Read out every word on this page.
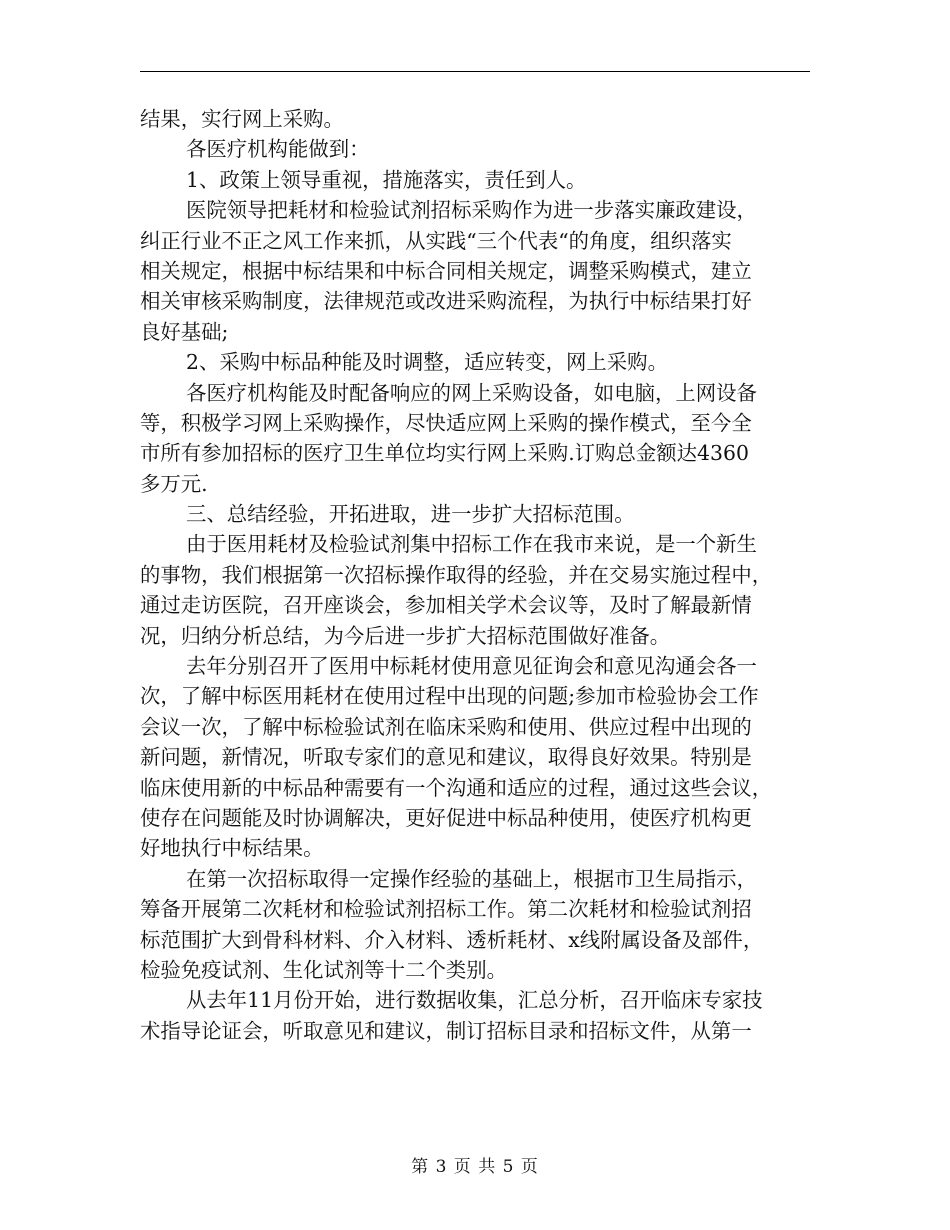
结果，实行网上采购。
各医疗机构能做到：
1、政策上领导重视，措施落实，责任到人。
医院领导把耗材和检验试剂招标采购作为进一步落实廉政建设，
纠正行业不正之风工作来抓，从实践“三个代表“的角度，组织落实
相关规定，根据中标结果和中标合同相关规定，调整采购模式，建立
相关审核采购制度，法律规范或改进采购流程，为执行中标结果打好
良好基础;
2、采购中标品种能及时调整，适应转变，网上采购。
各医疗机构能及时配备响应的网上采购设备，如电脑，上网设备
等，积极学习网上采购操作，尽快适应网上采购的操作模式，至今全
市所有参加招标的医疗卫生单位均实行网上采购.订购总金额达4360
多万元.
三、总结经验，开拓进取，进一步扩大招标范围。
由于医用耗材及检验试剂集中招标工作在我市来说，是一个新生
的事物，我们根据第一次招标操作取得的经验，并在交易实施过程中，
通过走访医院，召开座谈会，参加相关学术会议等，及时了解最新情
况，归纳分析总结，为今后进一步扩大招标范围做好准备。
去年分别召开了医用中标耗材使用意见征询会和意见沟通会各一
次，了解中标医用耗材在使用过程中出现的问题;参加市检验协会工作
会议一次，了解中标检验试剂在临床采购和使用、供应过程中出现的
新问题，新情况，听取专家们的意见和建议，取得良好效果。特别是
临床使用新的中标品种需要有一个沟通和适应的过程，通过这些会议，
使存在问题能及时协调解决，更好促进中标品种使用，使医疗机构更
好地执行中标结果。
在第一次招标取得一定操作经验的基础上，根据市卫生局指示，
筹备开展第二次耗材和检验试剂招标工作。第二次耗材和检验试剂招
标范围扩大到骨科材料、介入材料、透析耗材、x线附属设备及部件，
检验免疫试剂、生化试剂等十二个类别。
从去年11月份开始，进行数据收集，汇总分析，召开临床专家技
术指导论证会，听取意见和建议，制订招标目录和招标文件，从第一
第 3 页 共 5 页
